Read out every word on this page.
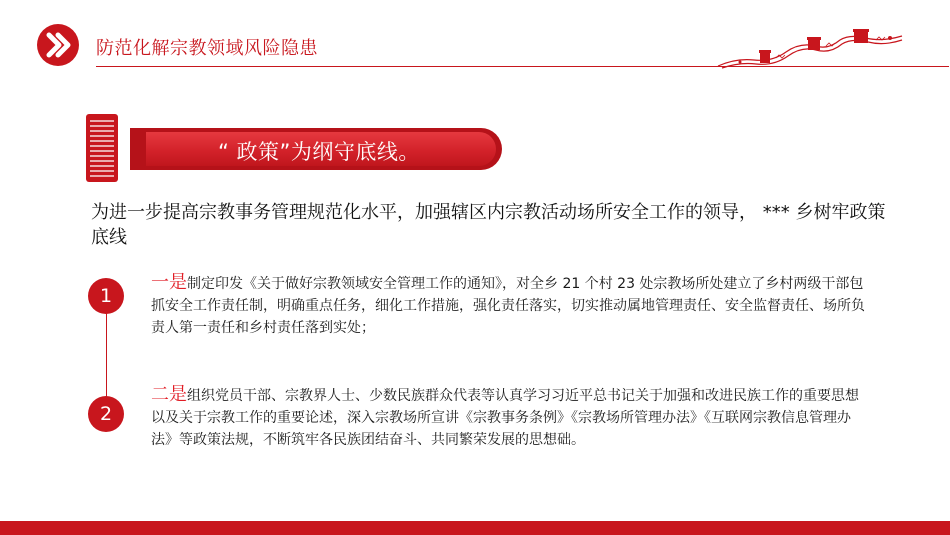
防范化解宗教领域风险隐患
“ 政策”为纲守底线。
为进一步提高宗教事务管理规范化水平，加强辖区内宗教活动场所安全工作的领导， *** 乡树牢政策底线
1
2
一是制定印发《关于做好宗教领域安全管理工作的通知》，对全乡 21 个村 23 处宗教场所处建立了乡村两级干部包抓安全工作责任制，明确重点任务，细化工作措施，强化责任落实，切实推动属地管理责任、安全监督责任、场所负责人第一责任和乡村责任落到实处；
二是组织党员干部、宗教界人士、少数民族群众代表等认真学习习近平总书记关于加强和改进民族工作的重要思想以及关于宗教工作的重要论述，深入宗教场所宣讲《宗教事务条例》《宗教场所管理办法》《互联网宗教信息管理办法》等政策法规，不断筑牢各民族团结奋斗、共同繁荣发展的思想础。
